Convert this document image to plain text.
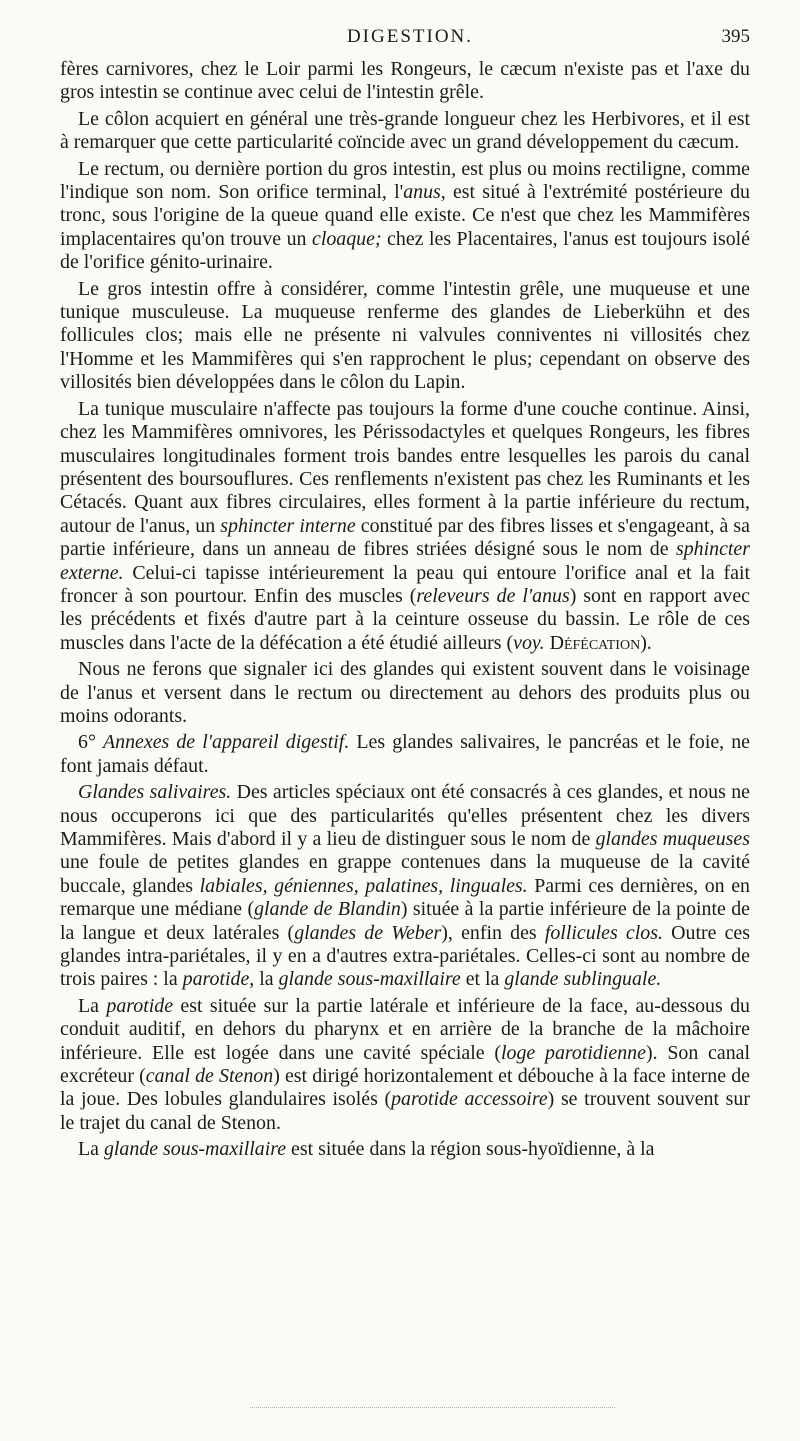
DIGESTION.	395

fères carnivores, chez le Loir parmi les Rongeurs, le cæcum n'existe pas et l'axe du gros intestin se continue avec celui de l'intestin grêle.

Le côlon acquiert en général une très-grande longueur chez les Herbivores, et il est à remarquer que cette particularité coïncide avec un grand développement du cæcum.

Le rectum, ou dernière portion du gros intestin, est plus ou moins rectiligne, comme l'indique son nom. Son orifice terminal, l'anus, est situé à l'extrémité postérieure du tronc, sous l'origine de la queue quand elle existe. Ce n'est que chez les Mammifères implacentaires qu'on trouve un cloaque; chez les Placentaires, l'anus est toujours isolé de l'orifice génito-urinaire.

Le gros intestin offre à considérer, comme l'intestin grêle, une muqueuse et une tunique musculeuse. La muqueuse renferme des glandes de Lieberkühn et des follicules clos; mais elle ne présente ni valvules conniventes ni villosités chez l'Homme et les Mammifères qui s'en rapprochent le plus; cependant on observe des villosités bien développées dans le côlon du Lapin.

La tunique musculaire n'affecte pas toujours la forme d'une couche continue. Ainsi, chez les Mammifères omnivores, les Périssodactyles et quelques Rongeurs, les fibres musculaires longitudinales forment trois bandes entre lesquelles les parois du canal présentent des boursouflures. Ces renflements n'existent pas chez les Ruminants et les Cétacés. Quant aux fibres circulaires, elles forment à la partie inférieure du rectum, autour de l'anus, un sphincter interne constitué par des fibres lisses et s'engageant, à sa partie inférieure, dans un anneau de fibres striées désigné sous le nom de sphincter externe. Celui-ci tapisse intérieurement la peau qui entoure l'orifice anal et la fait froncer à son pourtour. Enfin des muscles (releveurs de l'anus) sont en rapport avec les précédents et fixés d'autre part à la ceinture osseuse du bassin. Le rôle de ces muscles dans l'acte de la défécation a été étudié ailleurs (voy. Défécation).

Nous ne ferons que signaler ici des glandes qui existent souvent dans le voisinage de l'anus et versent dans le rectum ou directement au dehors des produits plus ou moins odorants.

6° Annexes de l'appareil digestif. Les glandes salivaires, le pancréas et le foie, ne font jamais défaut.

Glandes salivaires. Des articles spéciaux ont été consacrés à ces glandes, et nous ne nous occuperons ici que des particularités qu'elles présentent chez les divers Mammifères. Mais d'abord il y a lieu de distinguer sous le nom de glandes muqueuses une foule de petites glandes en grappe contenues dans la muqueuse de la cavité buccale, glandes labiales, géniennes, palatines, linguales. Parmi ces dernières, on en remarque une médiane (glande de Blandin) située à la partie inférieure de la pointe de la langue et deux latérales (glandes de Weber), enfin des follicules clos. Outre ces glandes intra-pariétales, il y en a d'autres extra-pariétales. Celles-ci sont au nombre de trois paires : la parotide, la glande sous-maxillaire et la glande sublinguale.

La parotide est située sur la partie latérale et inférieure de la face, au-dessous du conduit auditif, en dehors du pharynx et en arrière de la branche de la mâchoire inférieure. Elle est logée dans une cavité spéciale (loge parotidienne). Son canal excréteur (canal de Stenon) est dirigé horizontalement et débouche à la face interne de la joue. Des lobules glandulaires isolés (parotide accessoire) se trouvent souvent sur le trajet du canal de Stenon.

La glande sous-maxillaire est située dans la région sous-hyoïdienne, à la
